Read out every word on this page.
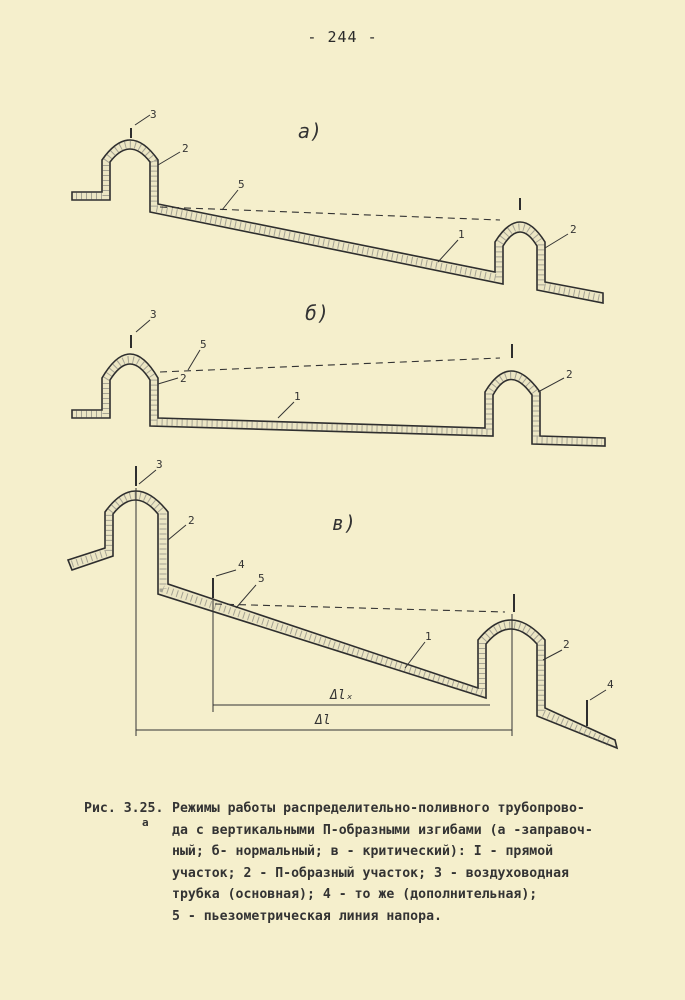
- 244 -
а)
3
2
5
1	2
б)
3
5
2
1
2
в)
3
2
4
5
1
2
4
Δlₓ
Δl
Рис. 3.25.
а
Режимы работы распределительно-поливного трубопрово-
да с вертикальными П-образными изгибами (а -заправоч-
ный; б- нормальный; в - критический): I - прямой
участок; 2 - П-образный участок; 3 - воздуховодная
трубка (основная); 4 - то же (дополнительная);
5 - пьезометрическая линия напора.
